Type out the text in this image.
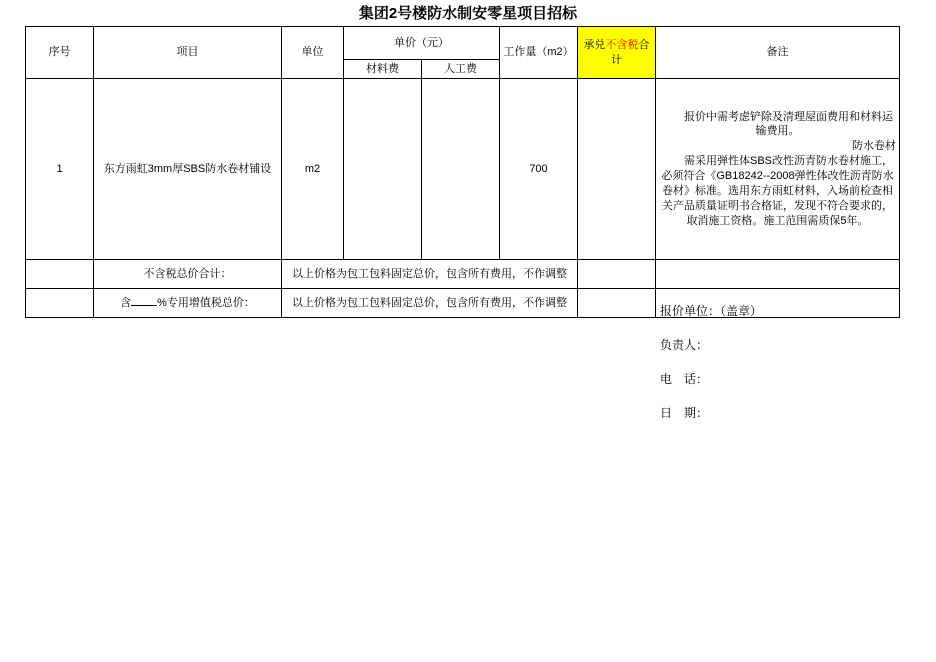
集团2号楼防水制安零星项目招标
序号	项目	单位	单价（元）		工作量（m2）	承兑不含税合计	备注
			材料费	人工费			
1	东方雨虹3mm厚SBS防水卷材铺设	m2			700		报价中需考虑铲除及清理屋面费用和材料运输费用。
防水卷材
需采用弹性体SBS改性沥青防水卷材施工，必须符合《GB18242--2008弹性体改性沥青防水卷材》标准。选用东方雨虹材料，入场前检查相关产品质量证明书合格证，发现不符合要求的，取消施工资格。施工范围需质保5年。

	不含税总价合计：	以上价格为包工包料固定总价，包含所有费用，不作调整					
	含 %专用增值税总价：	以上价格为包工包料固定总价，包含所有费用，不作调整					
报价单位：（盖章）
负责人：
电话：
日期：
